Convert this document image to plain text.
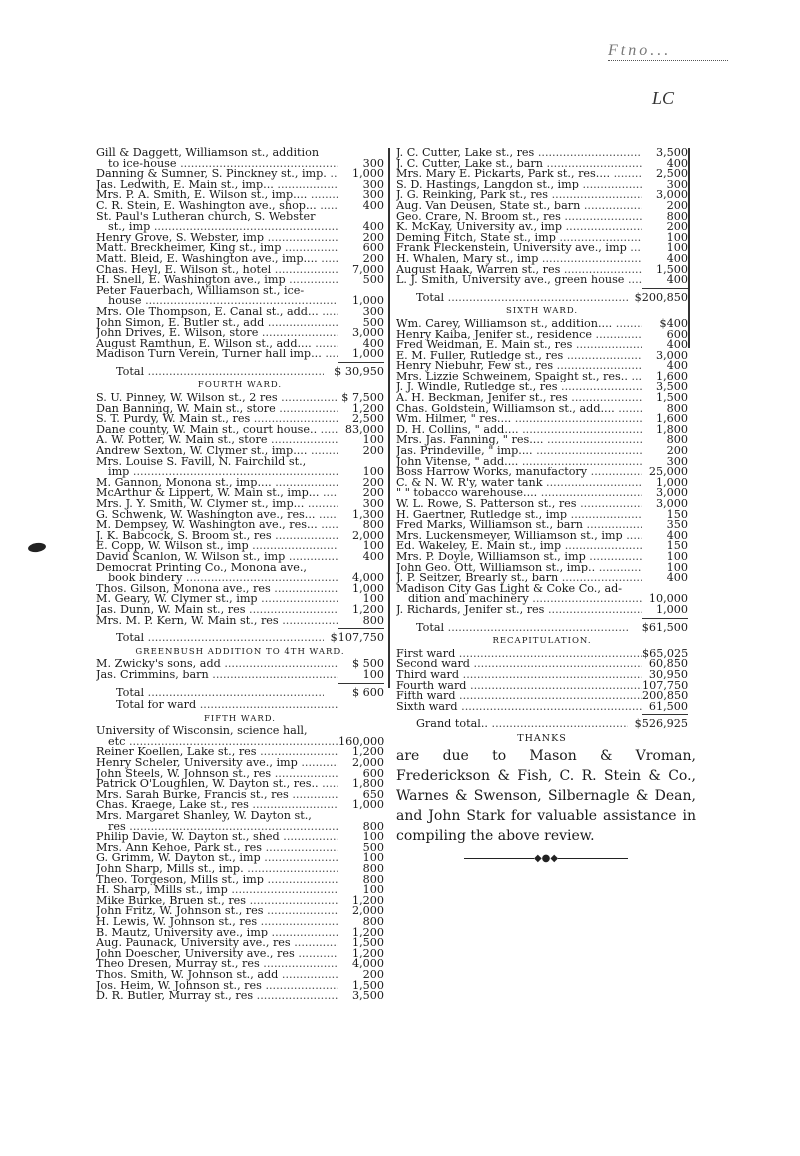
Ftno...
LC
Gill & Daggett, Williamson st., addition
to ice-house .....	300
Danning & Sumner, S. Pinckney st., imp. .....	1,000
Jas. Ledwith, E. Main st., imp... .....	300
Mrs. P. A. Smith, E. Wilson st., imp.... .....	300
C. R. Stein, E. Washington ave., shop... .....	400
St. Paul's Lutheran church, S. Webster
st., imp .....	400
Henry Grove, S. Webster, imp .....	200
Matt. Breckheimer, King st., imp .....	600
Matt. Bleid, E. Washington ave., imp.... .....	200
Chas. Heyl, E. Wilson st., hotel .....	7,000
H. Snell, E. Washington ave., imp .....	500
Peter Fauerbach, Williamson st., ice-
house .....	1,000
Mrs. Ole Thompson, E. Canal st., add... .....	300
John Simon, E. Butler st., add .....	500
John Drives, E. Wilson, store .....	3,000
August Ramthun, E. Wilson st., add.... .....	400
Madison Turn Verein, Turner hall imp... .....	1,000
Total .....	$ 30,950
FOURTH WARD.
S. U. Pinney, W. Wilson st., 2 res .....	$ 7,500
Dan Banning, W. Main st., store .....	1,200
S. T. Purdy, W. Main st., res .....	2,500
Dane county, W. Main st., court house.. .....	83,000
A. W. Potter, W. Main st., store .....	100
Andrew Sexton, W. Clymer st., imp.... .....	200
Mrs. Louise S. Favill, N. Fairchild st.,
imp .....	100
M. Gannon, Monona st., imp.... .....	200
McArthur & Lippert, W. Main st., imp... .....	200
Mrs. J. Y. Smith, W. Clymer st., imp... .....	300
G. Schwenk, W. Washington ave., res... .....	1,300
M. Dempsey, W. Washington ave., res... .....	800
J. K. Babcock, S. Broom st., res .....	2,000
E. Copp, W. Wilson st., imp .....	100
David Scanlon, W. Wilson st., imp .....	400
Democrat Printing Co., Monona ave.,
book bindery .....	4,000
Thos. Gilson, Monona ave., res .....	1,000
M. Geary, W. Clymer st., imp .....	100
Jas. Dunn, W. Main st., res .....	1,200
Mrs. M. P. Kern, W. Main st., res .....	800
Total .....	$107,750
GREENBUSH ADDITION TO 4TH WARD.
M. Zwicky's sons, add .....	$ 500
Jas. Crimmins, barn .....	100
Total .....	$ 600
Total for ward .....
FIFTH WARD.
University of Wisconsin, science hall,
etc .....	160,000
Reiner Koellen, Lake st., res .....	1,200
Henry Scheler, University ave., imp .....	2,000
John Steels, W. Johnson st., res .....	600
Patrick O'Loughlen, W. Dayton st., res.. .....	1,800
Mrs. Sarah Burke, Francis st., res .....	650
Chas. Kraege, Lake st., res .....	1,000
Mrs. Margaret Shanley, W. Dayton st.,
res .....	800
Philip Davie, W. Dayton st., shed .....	100
Mrs. Ann Kehoe, Park st., res .....	500
G. Grimm, W. Dayton st., imp .....	100
John Sharp, Mills st., imp. .....	800
Theo. Torgeson, Mills st., imp .....	800
H. Sharp, Mills st., imp .....	100
Mike Burke, Bruen st., res .....	1,200
John Fritz, W. Johnson st., res .....	2,000
H. Lewis, W. Johnson st., res .....	800
B. Mautz, University ave., imp .....	1,200
Aug. Paunack, University ave., res .....	1,500
John Doescher, University ave., res .....	1,200
Theo Dresen, Murray st., res .....	4,000
Thos. Smith, W. Johnson st., add .....	200
Jos. Heim, W. Johnson st., res .....	1,500
D. R. Butler, Murray st., res .....	3,500
J. C. Cutter, Lake st., res .....	3,500
J. C. Cutter, Lake st., barn .....	400
Mrs. Mary E. Pickarts, Park st., res.... .....	2,500
S. D. Hastings, Langdon st., imp .....	300
J. G. Reinking, Park st., res .....	3,000
Aug. Van Deusen, State st., barn .....	200
Geo. Crare, N. Broom st., res .....	800
K. McKay, University av., imp .....	200
Deming Fitch, State st., imp .....	100
Frank Fleckenstein, University ave., imp .....	100
H. Whalen, Mary st., imp .....	400
August Haak, Warren st., res .....	1,500
L. J. Smith, University ave., green house .....	400
Total .....	$200,850
SIXTH WARD.
Wm. Carey, Williamson st., addition.... .....	$400
Henry Kaiba, Jenifer st., residence .....	600
Fred Weidman, E. Main st., res .....	400
E. M. Fuller, Rutledge st., res .....	3,000
Henry Niebuhr, Few st., res .....	400
Mrs. Lizzie Schweinem, Spaight st., res.. .....	1,600
J. J. Windle, Rutledge st., res .....	3,500
A. H. Beckman, Jenifer st., res .....	1,500
Chas. Goldstein, Williamson st., add.... .....	800
Wm. Hilmer, " res.... .....	1,600
D. H. Collins, " add.... .....	1,800
Mrs. Jas. Fanning, " res.... .....	800
Jas. Prindeville, " imp.... .....	200
John Vitense, " add.... .....	300
Boss Harrow Works, manufactory .....	25,000
C. & N. W. R'y, water tank .....	1,000
" " tobacco warehouse.... .....	3,000
W. L. Rowe, S. Patterson st., res .....	3,000
H. Gaertner, Rutledge st., imp .....	150
Fred Marks, Williamson st., barn .....	350
Mrs. Luckensmeyer, Williamson st., imp .....	400
Ed. Wakeley, E. Main st., imp .....	150
Mrs. P. Doyle, Williamson st., imp .....	100
John Geo. Ott, Williamson st., imp.. .....	100
J. P. Seitzer, Brearly st., barn .....	400
Madison City Gas Light & Coke Co., ad-
dition and machinery .....	10,000
J. Richards, Jenifer st., res .....	1,000
Total .....	$61,500
RECAPITULATION.
First ward .....	$65,025
Second ward .....	60,850
Third ward .....	30,950
Fourth ward .....	107,750
Fifth ward .....	200,850
Sixth ward .....	61,500
Grand total.. .....	$526,925
THANKS
are due to Mason & Vroman, Frederickson & Fish, C. R. Stein & Co., Warnes & Swenson, Silbernagle & Dean, and John Stark for valuable assistance in compiling the above review.
◆●◆
